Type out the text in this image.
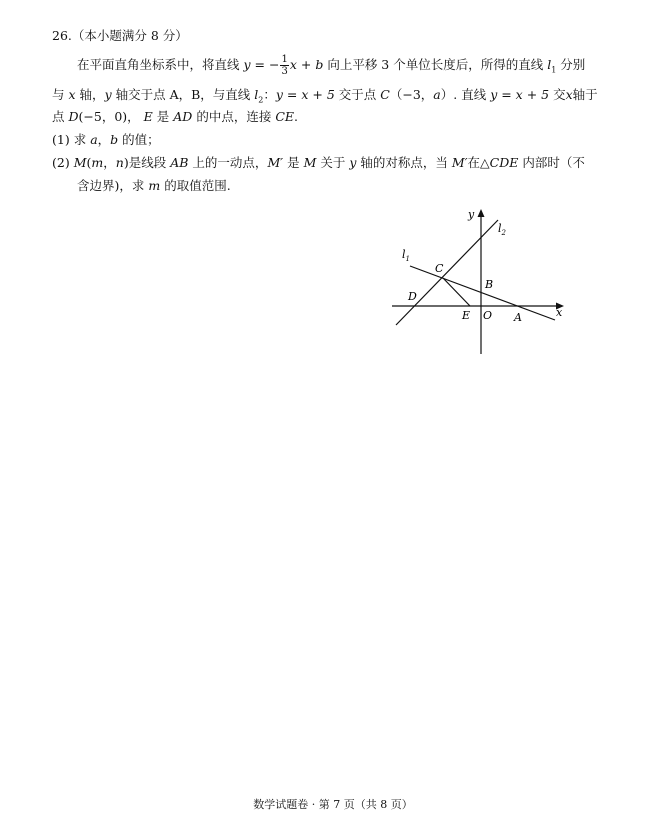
26.（本小题满分 8 分）
在平面直角坐标系中，将直线 y = − $\frac{1}{3}$ x + b 向上平移 3 个单位长度后，所得的直线 $l_1$ 分别
与 x 轴，y 轴交于点 A，B，与直线 $l_2$：y = x + 5 交于点 C（−3，a）. 直线 y = x + 5 交x轴于
点 D(−5，0)， E 是 AD 的中点，连接 CE.
(1) 求 a，b 的值；
(2) M(m，n)是线段 AB 上的一动点，M′ 是 M 关于 y 轴的对称点，当 M′在△CDE 内部时（不
含边界)，求 m 的取值范围.
y
$l_2$
$l_1$
C
B
D
E O A	x
数学试题卷 · 第 7 页（共 8 页）
